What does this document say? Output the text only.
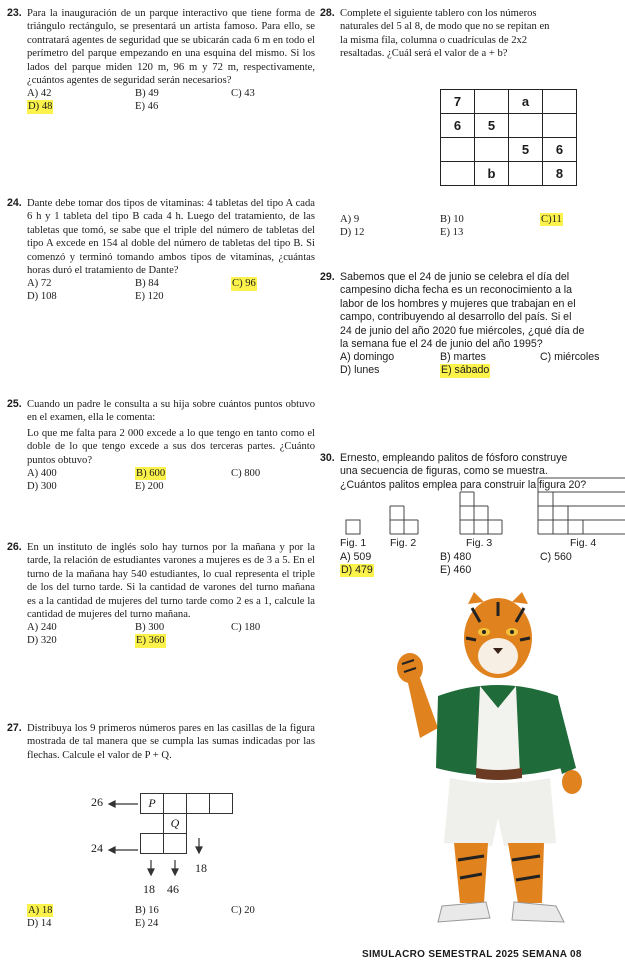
23. Para la inauguración de un parque interactivo que tiene forma de triángulo rectángulo, se presentará un artista famoso. Para ello, se contratará agentes de seguridad que se ubicarán cada 6 m en todo el perímetro del parque empezando en una esquina del mismo. Si los lados del parque miden 120 m, 96 m y 72 m, respectivamente, ¿cuántos agentes de seguridad serán necesarios?
A) 42	B) 49	C) 43
D) 48	E) 46
24. Dante debe tomar dos tipos de vitaminas: 4 tabletas del tipo A cada 6 h y 1 tableta del tipo B cada 4 h. Luego del tratamiento, de las tabletas que tomó, se sabe que el triple del número de tabletas del tipo A excede en 154 al doble del número de tabletas del tipo B. Si comenzó y terminó tomando ambos tipos de vitaminas, ¿cuántas horas duró el tratamiento de Dante?
A) 72	B) 84	C) 96
D) 108	E) 120
25. Cuando un padre le consulta a su hija sobre cuántos puntos obtuvo en el examen, ella le comenta:
Lo que me falta para 2 000 excede a lo que tengo en tanto como el doble de lo que tengo excede a sus dos terceras partes. ¿Cuánto puntos obtuvo?
A) 400	B) 600	C) 800
D) 300	E) 200
26. En un instituto de inglés solo hay turnos por la mañana y por la tarde, la relación de estudiantes varones a mujeres es de 3 a 5. En el turno de la mañana hay 540 estudiantes, lo cual representa el triple de los del turno tarde. Si la cantidad de varones del turno mañana es a la cantidad de mujeres del turno tarde como 2 es a 1, calcule la cantidad de mujeres del turno mañana.
A) 240	B) 300	C) 180
D) 320	E) 360
27. Distribuya los 9 primeros números pares en las casillas de la figura mostrada de tal manera que se cumpla las sumas indicadas por las flechas. Calcule el valor de P + Q.
26
24
P			
	Q		

18
18 46
A) 18	B) 16	C) 20
D) 14	E) 24
28. Complete el siguiente tablero con los números
naturales del 5 al 8, de modo que no se repitan en
la misma fila, columna o cuadrículas de 2x2
resaltadas. ¿Cuál será el valor de a + b?
7		a	
6	5		
		5	6
	b		8
A) 9	B) 10	C)11
D) 12	E) 13
29. Sabemos que el 24 de junio se celebra el día del
campesino dicha fecha es un reconocimiento a la
labor de los hombres y mujeres que trabajan en el
campo, contribuyendo al desarrollo del país. Si el
24 de junio del año 2020 fue miércoles, ¿qué día de
la semana fue el 24 de junio del año 1995?
A) domingo	B) martes	C) miércoles
D) lunes	E) sábado
30. Ernesto, empleando palitos de fósforo construye
una secuencia de figuras, como se muestra.
¿Cuántos palitos emplea para construir la figura 20?
Fig. 1 Fig. 2	Fig. 3	Fig. 4
A) 509	B) 480	C) 560
D) 479	E) 460
SIMULACRO SEMESTRAL 2025 SEMANA 08
